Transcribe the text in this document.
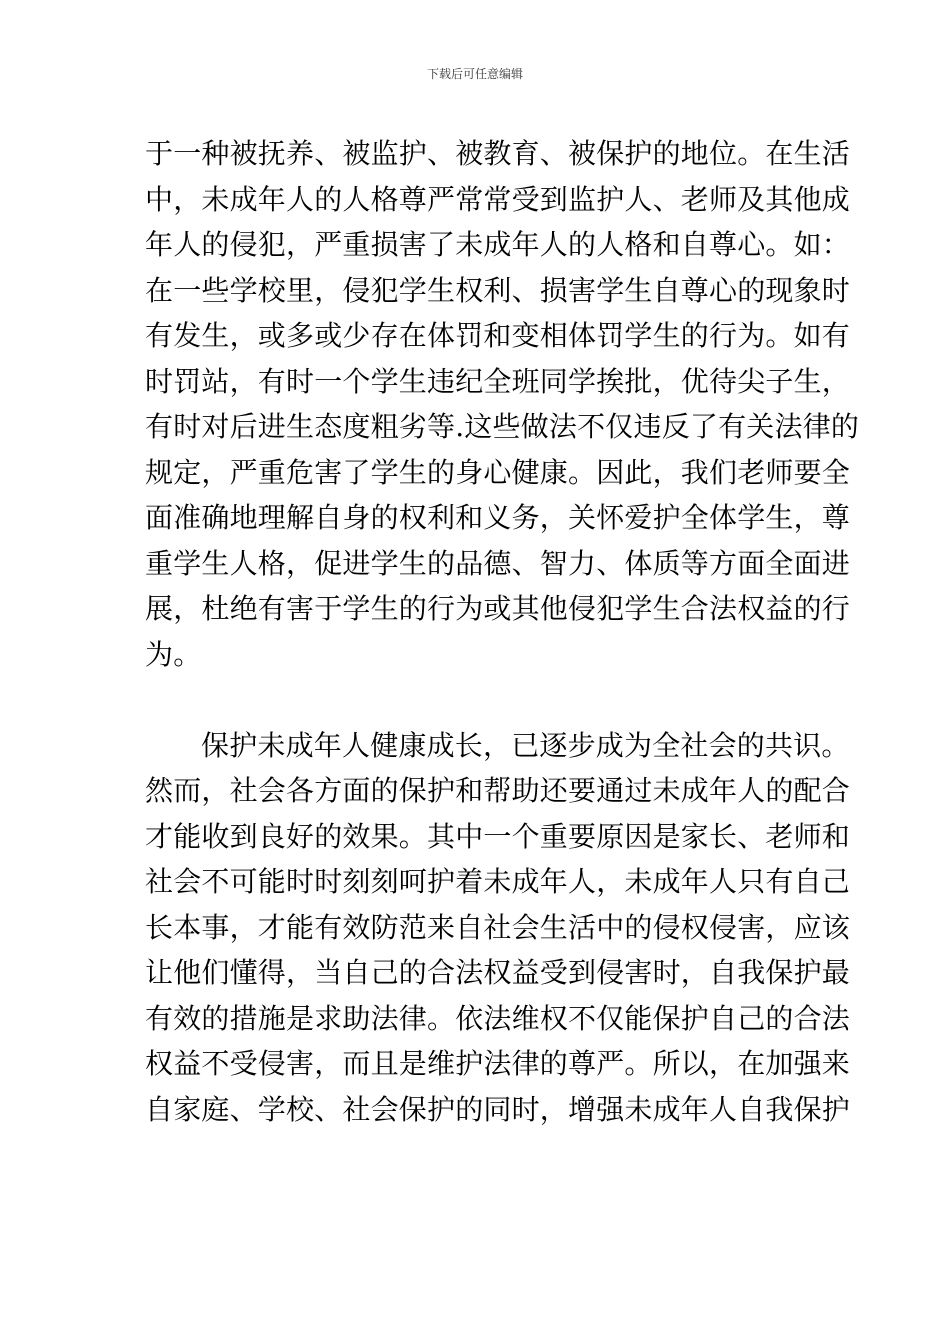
下载后可任意编辑
于一种被抚养、被监护、被教育、被保护的地位。在生活
中，未成年人的人格尊严常常受到监护人、老师及其他成
年人的侵犯，严重损害了未成年人的人格和自尊心。如：
在一些学校里，侵犯学生权利、损害学生自尊心的现象时
有发生，或多或少存在体罚和变相体罚学生的行为。如有
时罚站，有时一个学生违纪全班同学挨批，优待尖子生，
有时对后进生态度粗劣等.这些做法不仅违反了有关法律的
规定，严重危害了学生的身心健康。因此，我们老师要全
面准确地理解自身的权利和义务，关怀爱护全体学生，尊
重学生人格，促进学生的品德、智力、体质等方面全面进
展，杜绝有害于学生的行为或其他侵犯学生合法权益的行
为。
保护未成年人健康成长，已逐步成为全社会的共识。
然而，社会各方面的保护和帮助还要通过未成年人的配合
才能收到良好的效果。其中一个重要原因是家长、老师和
社会不可能时时刻刻呵护着未成年人，未成年人只有自己
长本事，才能有效防范来自社会生活中的侵权侵害，应该
让他们懂得，当自己的合法权益受到侵害时，自我保护最
有效的措施是求助法律。依法维权不仅能保护自己的合法
权益不受侵害，而且是维护法律的尊严。所以，在加强来
自家庭、学校、社会保护的同时，增强未成年人自我保护
